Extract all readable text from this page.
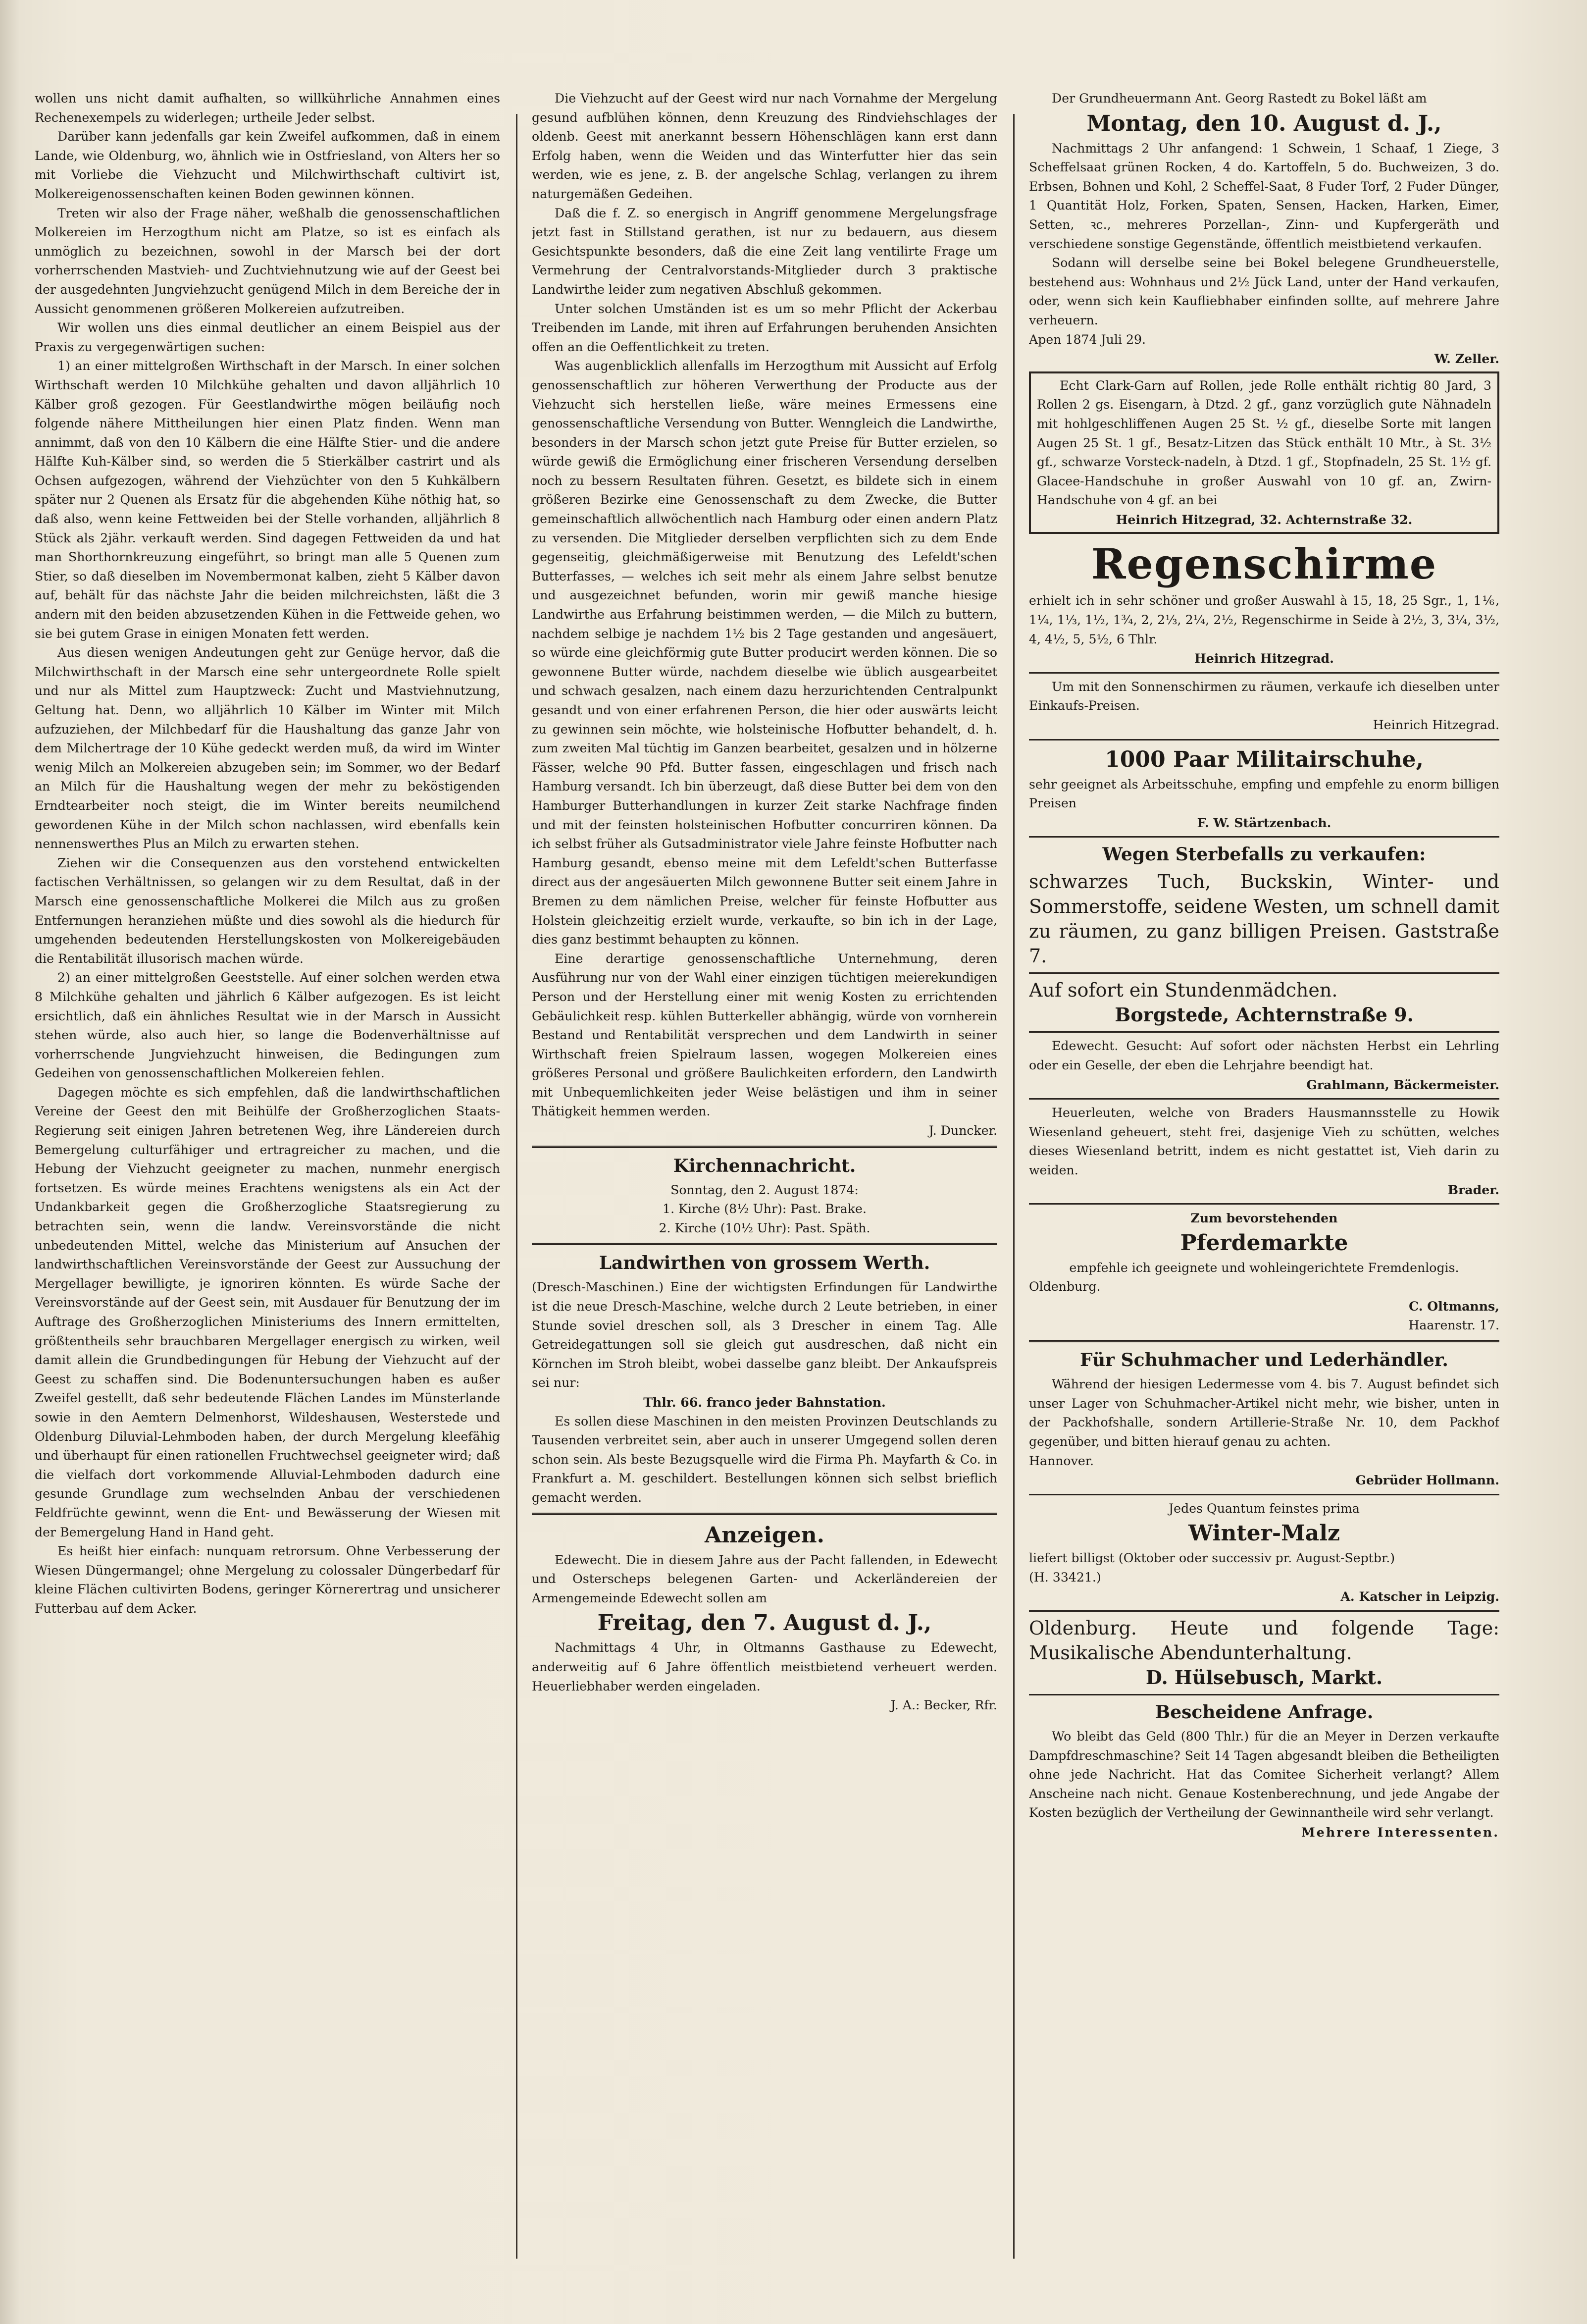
wollen uns nicht damit aufhalten, so willkührliche Annahmen eines Rechenexempels zu widerlegen; urtheile Jeder selbst.

Darüber kann jedenfalls gar kein Zweifel aufkommen, daß in einem Lande, wie Oldenburg, wo, ähnlich wie in Ostfriesland, von Alters her so mit Vorliebe die Viehzucht und Milchwirthschaft cultivirt ist, Molkereigenossenschaften keinen Boden gewinnen können.

Treten wir also der Frage näher, weßhalb die genossenschaftlichen Molkereien im Herzogthum nicht am Platze, so ist es einfach als unmöglich zu bezeichnen, sowohl in der Marsch bei der dort vorherrschenden Mastvieh- und Zuchtviehnutzung wie auf der Geest bei der ausgedehnten Jungviehzucht genügend Milch in dem Bereiche der in Aussicht genommenen größeren Molkereien aufzutreiben.

Wir wollen uns dies einmal deutlicher an einem Beispiel aus der Praxis zu vergegenwärtigen suchen:

1) an einer mittelgroßen Wirthschaft in der Marsch. In einer solchen Wirthschaft werden 10 Milchkühe gehalten und davon alljährlich 10 Kälber groß gezogen. Für Geestlandwirthe mögen beiläufig noch folgende nähere Mittheilungen hier einen Platz finden. Wenn man annimmt, daß von den 10 Kälbern die eine Hälfte Stier- und die andere Hälfte Kuh-Kälber sind, so werden die 5 Stierkälber castrirt und als Ochsen aufgezogen, während der Viehzüchter von den 5 Kuhkälbern später nur 2 Quenen als Ersatz für die abgehenden Kühe nöthig hat, so daß also, wenn keine Fettweiden bei der Stelle vorhanden, alljährlich 8 Stück als 2jähr. verkauft werden. Sind dagegen Fettweiden da und hat man Shorthornkreuzung eingeführt, so bringt man alle 5 Quenen zum Stier, so daß dieselben im Novembermonat kalben, zieht 5 Kälber davon auf, behält für das nächste Jahr die beiden milchreichsten, läßt die 3 andern mit den beiden abzusetzenden Kühen in die Fettweide gehen, wo sie bei gutem Grase in einigen Monaten fett werden.

Aus diesen wenigen Andeutungen geht zur Genüge hervor, daß die Milchwirthschaft in der Marsch eine sehr untergeordnete Rolle spielt und nur als Mittel zum Hauptzweck: Zucht und Mastviehnutzung, Geltung hat. Denn, wo alljährlich 10 Kälber im Winter mit Milch aufzuziehen, der Milchbedarf für die Haushaltung das ganze Jahr von dem Milchertrage der 10 Kühe gedeckt werden muß, da wird im Winter wenig Milch an Molkereien abzugeben sein; im Sommer, wo der Bedarf an Milch für die Haushaltung wegen der mehr zu beköstigenden Erndtearbeiter noch steigt, die im Winter bereits neumilchend gewordenen Kühe in der Milch schon nachlassen, wird ebenfalls kein nennenswerthes Plus an Milch zu erwarten stehen.

Ziehen wir die Consequenzen aus den vorstehend entwickelten factischen Verhältnissen, so gelangen wir zu dem Resultat, daß in der Marsch eine genossenschaftliche Molkerei die Milch aus zu großen Entfernungen heranziehen müßte und dies sowohl als die hiedurch für umgehenden bedeutenden Herstellungskosten von Molkereigebäuden die Rentabilität illusorisch machen würde.

2) an einer mittelgroßen Geeststelle. Auf einer solchen werden etwa 8 Milchkühe gehalten und jährlich 6 Kälber aufgezogen. Es ist leicht ersichtlich, daß ein ähnliches Resultat wie in der Marsch in Aussicht stehen würde, also auch hier, so lange die Bodenverhältnisse auf vorherrschende Jungviehzucht hinweisen, die Bedingungen zum Gedeihen von genossenschaftlichen Molkereien fehlen.

Dagegen möchte es sich empfehlen, daß die landwirthschaftlichen Vereine der Geest den mit Beihülfe der Großherzoglichen Staats-Regierung seit einigen Jahren betretenen Weg, ihre Ländereien durch Bemergelung culturfähiger und ertragreicher zu machen, und die Hebung der Viehzucht geeigneter zu machen, nunmehr energisch fortsetzen. Es würde meines Erachtens wenigstens als ein Act der Undankbarkeit gegen die Großherzogliche Staatsregierung zu betrachten sein, wenn die landw. Vereinsvorstände die nicht unbedeutenden Mittel, welche das Ministerium auf Ansuchen der landwirthschaftlichen Vereinsvorstände der Geest zur Aussuchung der Mergellager bewilligte, je ignoriren könnten. Es würde Sache der Vereinsvorstände auf der Geest sein, mit Ausdauer für Benutzung der im Auftrage des Großherzoglichen Ministeriums des Innern ermittelten, größtentheils sehr brauchbaren Mergellager energisch zu wirken, weil damit allein die Grundbedingungen für Hebung der Viehzucht auf der Geest zu schaffen sind. Die Bodenuntersuchungen haben es außer Zweifel gestellt, daß sehr bedeutende Flächen Landes im Münsterlande sowie in den Aemtern Delmenhorst, Wildeshausen, Westerstede und Oldenburg Diluvial-Lehmboden haben, der durch Mergelung kleefähig und überhaupt für einen rationellen Fruchtwechsel geeigneter wird; daß die vielfach dort vorkommende Alluvial-Lehmboden dadurch eine gesunde Grundlage zum wechselnden Anbau der verschiedenen Feldfrüchte gewinnt, wenn die Ent- und Bewässerung der Wiesen mit der Bemergelung Hand in Hand geht.

Es heißt hier einfach: nunquam retrorsum. Ohne Verbesserung der Wiesen Düngermangel; ohne Mergelung zu colossaler Düngerbedarf für kleine Flächen cultivirten Bodens, geringer Körnerertrag und unsicherer Futterbau auf dem Acker.

Die Viehzucht auf der Geest wird nur nach Vornahme der Mergelung gesund aufblühen können, denn Kreuzung des Rindviehschlages der oldenb. Geest mit anerkannt bessern Höhenschlägen kann erst dann Erfolg haben, wenn die Weiden und das Winterfutter hier das sein werden, wie es jene, z. B. der angelsche Schlag, verlangen zu ihrem naturgemäßen Gedeihen.

Daß die f. Z. so energisch in Angriff genommene Mergelungsfrage jetzt fast in Stillstand gerathen, ist nur zu bedauern, aus diesem Gesichtspunkte besonders, daß die eine Zeit lang ventilirte Frage um Vermehrung der Centralvorstands-Mitglieder durch 3 praktische Landwirthe leider zum negativen Abschluß gekommen.

Unter solchen Umständen ist es um so mehr Pflicht der Ackerbau Treibenden im Lande, mit ihren auf Erfahrungen beruhenden Ansichten offen an die Oeffentlichkeit zu treten.

Was augenblicklich allenfalls im Herzogthum mit Aussicht auf Erfolg genossenschaftlich zur höheren Verwerthung der Producte aus der Viehzucht sich herstellen ließe, wäre meines Ermessens eine genossenschaftliche Versendung von Butter. Wenngleich die Landwirthe, besonders in der Marsch schon jetzt gute Preise für Butter erzielen, so würde gewiß die Ermöglichung einer frischeren Versendung derselben noch zu bessern Resultaten führen. Gesetzt, es bildete sich in einem größeren Bezirke eine Genossenschaft zu dem Zwecke, die Butter gemeinschaftlich allwöchentlich nach Hamburg oder einen andern Platz zu versenden. Die Mitglieder derselben verpflichten sich zu dem Ende gegenseitig, gleichmäßigerweise mit Benutzung des Lefeldt'schen Butterfasses, — welches ich seit mehr als einem Jahre selbst benutze und ausgezeichnet befunden, worin mir gewiß manche hiesige Landwirthe aus Erfahrung beistimmen werden, — die Milch zu buttern, nachdem selbige je nachdem 1½ bis 2 Tage gestanden und angesäuert, so würde eine gleichförmig gute Butter producirt werden können. Die so gewonnene Butter würde, nachdem dieselbe wie üblich ausgearbeitet und schwach gesalzen, nach einem dazu herzurichtenden Centralpunkt gesandt und von einer erfahrenen Person, die hier oder auswärts leicht zu gewinnen sein möchte, wie holsteinische Hofbutter behandelt, d. h. zum zweiten Mal tüchtig im Ganzen bearbeitet, gesalzen und in hölzerne Fässer, welche 90 Pfd. Butter fassen, eingeschlagen und frisch nach Hamburg versandt. Ich bin überzeugt, daß diese Butter bei dem von den Hamburger Butterhandlungen in kurzer Zeit starke Nachfrage finden und mit der feinsten holsteinischen Hofbutter concurriren können. Da ich selbst früher als Gutsadministrator viele Jahre feinste Hofbutter nach Hamburg gesandt, ebenso meine mit dem Lefeldt'schen Butterfasse direct aus der angesäuerten Milch gewonnene Butter seit einem Jahre in Bremen zu dem nämlichen Preise, welcher für feinste Hofbutter aus Holstein gleichzeitig erzielt wurde, verkaufte, so bin ich in der Lage, dies ganz bestimmt behaupten zu können.

Eine derartige genossenschaftliche Unternehmung, deren Ausführung nur von der Wahl einer einzigen tüchtigen meierekundigen Person und der Herstellung einer mit wenig Kosten zu errichtenden Gebäulichkeit resp. kühlen Butterkeller abhängig, würde von vornherein Bestand und Rentabilität versprechen und dem Landwirth in seiner Wirthschaft freien Spielraum lassen, wogegen Molkereien eines größeres Personal und größere Baulichkeiten erfordern, den Landwirth mit Unbequemlichkeiten jeder Weise belästigen und ihm in seiner Thätigkeit hemmen werden.

J. Duncker.

Kirchennachricht.

Sonntag, den 2. August 1874:

1. Kirche (8½ Uhr): Past. Brake.

2. Kirche (10½ Uhr): Past. Späth.

Landwirthen von grossem Werth.

(Dresch-Maschinen.) Eine der wichtigsten Erfindungen für Landwirthe ist die neue Dresch-Maschine, welche durch 2 Leute betrieben, in einer Stunde soviel dreschen soll, als 3 Drescher in einem Tag. Alle Getreidegattungen soll sie gleich gut ausdreschen, daß nicht ein Körnchen im Stroh bleibt, wobei dasselbe ganz bleibt. Der Ankaufspreis sei nur:

Thlr. 66. franco jeder Bahnstation.

Es sollen diese Maschinen in den meisten Provinzen Deutschlands zu Tausenden verbreitet sein, aber auch in unserer Umgegend sollen deren schon sein. Als beste Bezugsquelle wird die Firma Ph. Mayfarth & Co. in Frankfurt a. M. geschildert. Bestellungen können sich selbst brieflich gemacht werden.

Anzeigen.

Edewecht. Die in diesem Jahre aus der Pacht fallenden, in Edewecht und Osterscheps belegenen Garten- und Ackerländereien der Armengemeinde Edewecht sollen am

Freitag, den 7. August d. J.,

Nachmittags 4 Uhr, in Oltmanns Gasthause zu Edewecht, anderweitig auf 6 Jahre öffentlich meistbietend verheuert werden. Heuerliebhaber werden eingeladen.

J. A.: Becker, Rfr.

Der Grundheuermann Ant. Georg Rastedt zu Bokel läßt am

Montag, den 10. August d. J.,

Nachmittags 2 Uhr anfangend: 1 Schwein, 1 Schaaf, 1 Ziege, 3 Scheffelsaat grünen Rocken, 4 do. Kartoffeln, 5 do. Buchweizen, 3 do. Erbsen, Bohnen und Kohl, 2 Scheffel-Saat, 8 Fuder Torf, 2 Fuder Dünger, 1 Quantität Holz, Forken, Spaten, Sensen, Hacken, Harken, Eimer, Setten, ꝛc., mehreres Porzellan-, Zinn- und Kupfergeräth und verschiedene sonstige Gegenstände, öffentlich meistbietend verkaufen.

Sodann will derselbe seine bei Bokel belegene Grundheuerstelle, bestehend aus: Wohnhaus und 2½ Jück Land, unter der Hand verkaufen, oder, wenn sich kein Kaufliebhaber einfinden sollte, auf mehrere Jahre verheuern.

Apen 1874 Juli 29.

W. Zeller.

Echt Clark-Garn auf Rollen, jede Rolle enthält richtig 80 Jard, 3 Rollen 2 gs. Eisengarn, à Dtzd. 2 gf., ganz vorzüglich gute Nähnadeln mit hohlgeschliffenen Augen 25 St. ½ gf., dieselbe Sorte mit langen Augen 25 St. 1 gf., Besatz-Litzen das Stück enthält 10 Mtr., à St. 3½ gf., schwarze Vorsteck-nadeln, à Dtzd. 1 gf., Stopfnadeln, 25 St. 1½ gf. Glacee-Handschuhe in großer Auswahl von 10 gf. an, Zwirn-Handschuhe von 4 gf. an bei

Heinrich Hitzegrad, 32. Achternstraße 32.

Regenschirme

erhielt ich in sehr schöner und großer Auswahl à 15, 18, 25 Sgr., 1, 1⅙, 1¼, 1⅓, 1½, 1¾, 2, 2⅓, 2¼, 2½, Regenschirme in Seide à 2½, 3, 3¼, 3½, 4, 4½, 5, 5½, 6 Thlr.

Heinrich Hitzegrad.

Um mit den Sonnenschirmen zu räumen, verkaufe ich dieselben unter Einkaufs-Preisen.

Heinrich Hitzegrad.

1000 Paar Militairschuhe,

sehr geeignet als Arbeitsschuhe, empfing und empfehle zu enorm billigen Preisen

F. W. Stärtzenbach.

Wegen Sterbefalls zu verkaufen:

schwarzes Tuch, Buckskin, Winter- und Sommerstoffe, seidene Westen, um schnell damit zu räumen, zu ganz billigen Preisen. Gaststraße 7.

Auf sofort ein Stundenmädchen.

Borgstede, Achternstraße 9.

Edewecht. Gesucht: Auf sofort oder nächsten Herbst ein Lehrling oder ein Geselle, der eben die Lehrjahre beendigt hat.

Grahlmann, Bäckermeister.

Heuerleuten, welche von Braders Hausmannsstelle zu Howik Wiesenland geheuert, steht frei, dasjenige Vieh zu schütten, welches dieses Wiesenland betritt, indem es nicht gestattet ist, Vieh darin zu weiden.

Brader.

Zum bevorstehenden

Pferdemarkte

empfehle ich geeignete und wohleingerichtete Fremdenlogis.

Oldenburg.

C. Oltmanns,

Haarenstr. 17.

Für Schuhmacher und Lederhändler.

Während der hiesigen Ledermesse vom 4. bis 7. August befindet sich unser Lager von Schuhmacher-Artikel nicht mehr, wie bisher, unten in der Packhofshalle, sondern Artillerie-Straße Nr. 10, dem Packhof gegenüber, und bitten hierauf genau zu achten.

Hannover.

Gebrüder Hollmann.

Jedes Quantum feinstes prima

Winter-Malz

liefert billigst (Oktober oder successiv pr. August-Septbr.)

(H. 33421.)

A. Katscher in Leipzig.

Oldenburg. Heute und folgende Tage: Musikalische Abendunterhaltung.

D. Hülsebusch, Markt.

Bescheidene Anfrage.

Wo bleibt das Geld (800 Thlr.) für die an Meyer in Derzen verkaufte Dampfdreschmaschine? Seit 14 Tagen abgesandt bleiben die Betheiligten ohne jede Nachricht. Hat das Comitee Sicherheit verlangt? Allem Anscheine nach nicht. Genaue Kostenberechnung, und jede Angabe der Kosten bezüglich der Vertheilung der Gewinnantheile wird sehr verlangt.

Mehrere Interessenten.
